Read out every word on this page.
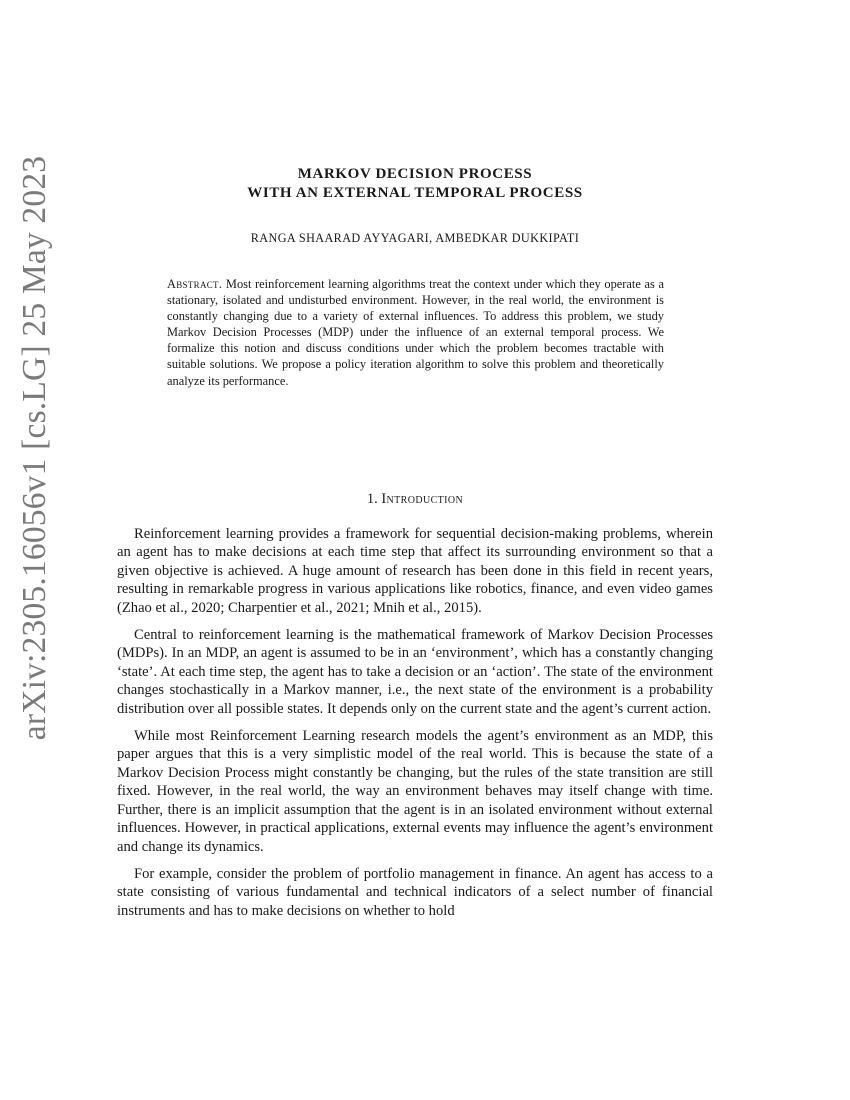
arXiv:2305.16056v1 [cs.LG] 25 May 2023	MARKOV DECISION PROCESS
WITH AN EXTERNAL TEMPORAL PROCESS
RANGA SHAARAD AYYAGARI, AMBEDKAR DUKKIPATI
Abstract. Most reinforcement learning algorithms treat the context under which they operate as a stationary, isolated and undisturbed environment. However, in the real world, the environment is constantly changing due to a variety of external influences. To address this problem, we study Markov Decision Processes (MDP) under the influence of an external temporal process. We formalize this notion and discuss conditions under which the problem becomes tractable with suitable solutions. We propose a policy iteration algorithm to solve this problem and theoretically analyze its performance.
1. Introduction

Reinforcement learning provides a framework for sequential decision-making problems, wherein an agent has to make decisions at each time step that affect its surrounding environment so that a given objective is achieved. A huge amount of research has been done in this field in recent years, resulting in remarkable progress in various applications like robotics, finance, and even video games (Zhao et al., 2020; Charpentier et al., 2021; Mnih et al., 2015).

Central to reinforcement learning is the mathematical framework of Markov Decision Processes (MDPs). In an MDP, an agent is assumed to be in an ‘environment’, which has a constantly changing ‘state’. At each time step, the agent has to take a decision or an ‘action’. The state of the environment changes stochastically in a Markov manner, i.e., the next state of the environment is a probability distribution over all possible states. It depends only on the current state and the agent’s current action.

While most Reinforcement Learning research models the agent’s environment as an MDP, this paper argues that this is a very simplistic model of the real world. This is because the state of a Markov Decision Process might constantly be changing, but the rules of the state transition are still fixed. However, in the real world, the way an environment behaves may itself change with time. Further, there is an implicit assumption that the agent is in an isolated environment without external influences. However, in practical applications, external events may influence the agent’s environment and change its dynamics.

For example, consider the problem of portfolio management in finance. An agent has access to a state consisting of various fundamental and technical indicators of a select number of financial instruments and has to make decisions on whether to hold
